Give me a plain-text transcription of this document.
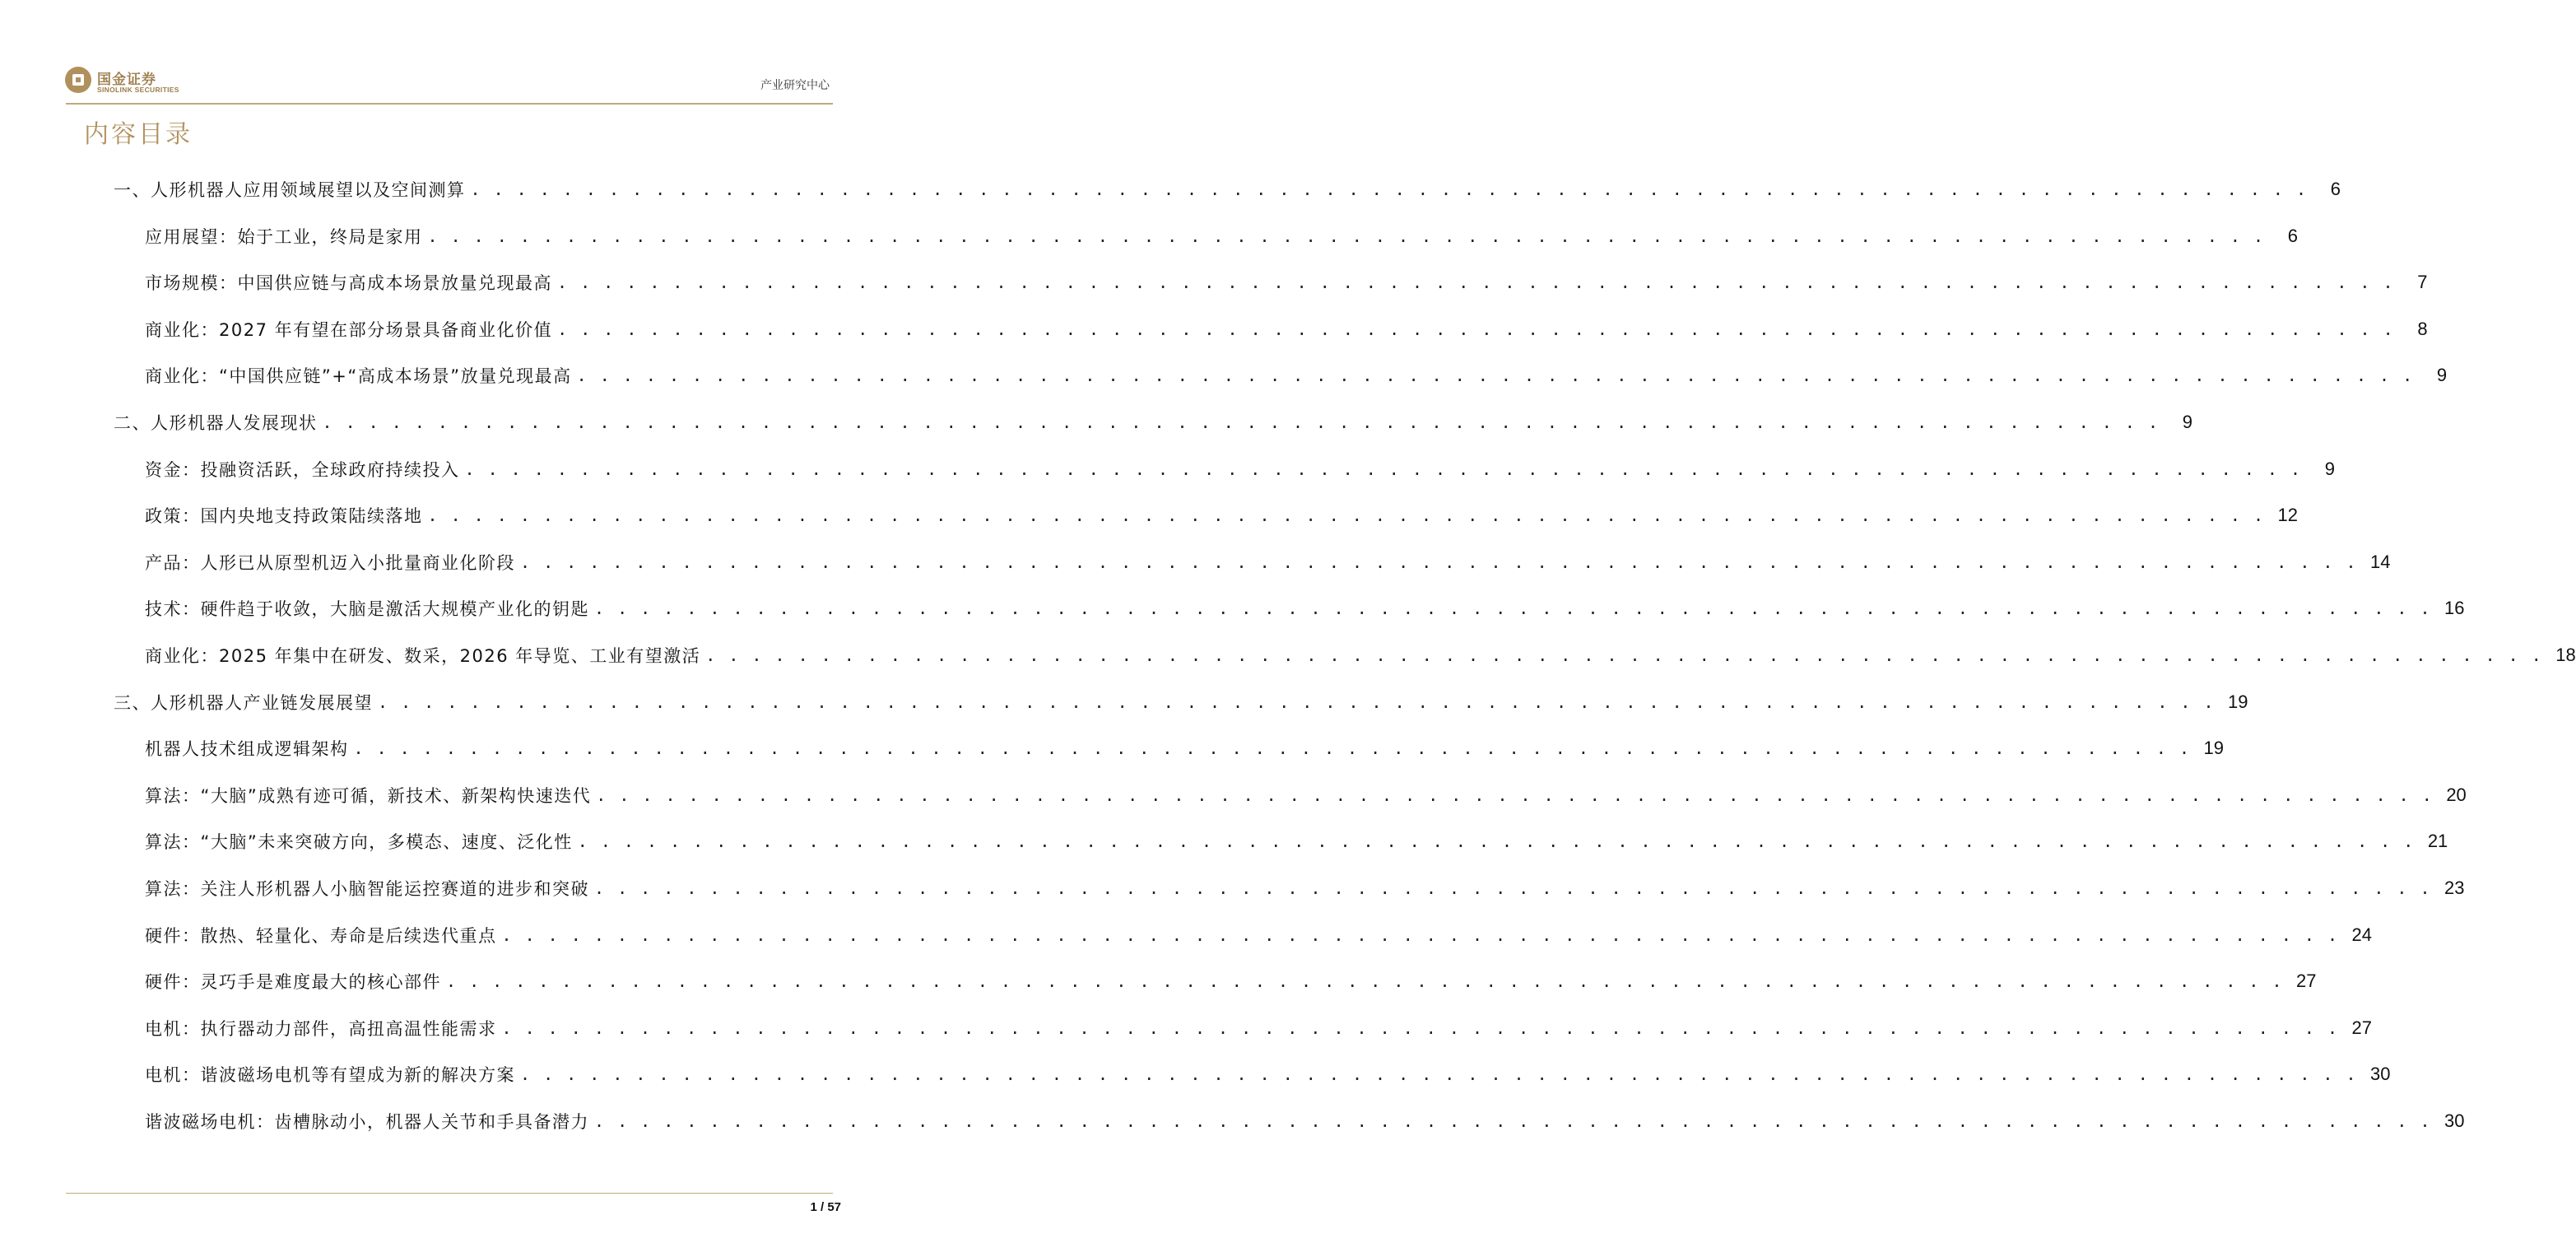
国金证券
SINOLINK SECURITIES	产业研究中心
内容目录
一、人形机器人应用领域展望以及空间测算 . . . . . . . . . . . . . . . . . . . . . . . . . . . . . . . . . . . . . . . . . . . . . . . . . . . . . . . . . . . . . . . . . . . . . . . . . . . . . . . .	6
应用展望：始于工业，终局是家用 . . . . . . . . . . . . . . . . . . . . . . . . . . . . . . . . . . . . . . . . . . . . . . . . . . . . . . . . . . . . . . . . . . . . . . . . . . . . . . . .	6
市场规模：中国供应链与高成本场景放量兑现最高 . . . . . . . . . . . . . . . . . . . . . . . . . . . . . . . . . . . . . . . . . . . . . . . . . . . . . . . . . . . . . . . . . . . . . . . . . . . . . . . .	7
商业化：2027 年有望在部分场景具备商业化价值 . . . . . . . . . . . . . . . . . . . . . . . . . . . . . . . . . . . . . . . . . . . . . . . . . . . . . . . . . . . . . . . . . . . . . . . . . . . . . . . .	8
商业化：“中国供应链”+“高成本场景”放量兑现最高 . . . . . . . . . . . . . . . . . . . . . . . . . . . . . . . . . . . . . . . . . . . . . . . . . . . . . . . . . . . . . . . . . . . . . . . . . . . . . . . .	9
二、人形机器人发展现状 . . . . . . . . . . . . . . . . . . . . . . . . . . . . . . . . . . . . . . . . . . . . . . . . . . . . . . . . . . . . . . . . . . . . . . . . . . . . . . . .	9
资金：投融资活跃，全球政府持续投入 . . . . . . . . . . . . . . . . . . . . . . . . . . . . . . . . . . . . . . . . . . . . . . . . . . . . . . . . . . . . . . . . . . . . . . . . . . . . . . . .	9
政策：国内央地支持政策陆续落地 . . . . . . . . . . . . . . . . . . . . . . . . . . . . . . . . . . . . . . . . . . . . . . . . . . . . . . . . . . . . . . . . . . . . . . . . . . . . . . . . 12
产品：人形已从原型机迈入小批量商业化阶段 . . . . . . . . . . . . . . . . . . . . . . . . . . . . . . . . . . . . . . . . . . . . . . . . . . . . . . . . . . . . . . . . . . . . . . . . . . . . . . . . 14
技术：硬件趋于收敛，大脑是激活大规模产业化的钥匙 . . . . . . . . . . . . . . . . . . . . . . . . . . . . . . . . . . . . . . . . . . . . . . . . . . . . . . . . . . . . . . . . . . . . . . . . . . . . . . . . 16
商业化：2025 年集中在研发、数采，2026 年导览、工业有望激活 . . . . . . . . . . . . . . . . . . . . . . . . . . . . . . . . . . . . . . . . . . . . . . . . . . . . . . . . . . . . . . . . . . . . . . . . . . . . . . . . 18
三、人形机器人产业链发展展望 . . . . . . . . . . . . . . . . . . . . . . . . . . . . . . . . . . . . . . . . . . . . . . . . . . . . . . . . . . . . . . . . . . . . . . . . . . . . . . . . 19
机器人技术组成逻辑架构 . . . . . . . . . . . . . . . . . . . . . . . . . . . . . . . . . . . . . . . . . . . . . . . . . . . . . . . . . . . . . . . . . . . . . . . . . . . . . . . . 19
算法：“大脑”成熟有迹可循，新技术、新架构快速迭代 . . . . . . . . . . . . . . . . . . . . . . . . . . . . . . . . . . . . . . . . . . . . . . . . . . . . . . . . . . . . . . . . . . . . . . . . . . . . . . . . 20
算法：“大脑”未来突破方向，多模态、速度、泛化性 . . . . . . . . . . . . . . . . . . . . . . . . . . . . . . . . . . . . . . . . . . . . . . . . . . . . . . . . . . . . . . . . . . . . . . . . . . . . . . . . 21
算法：关注人形机器人小脑智能运控赛道的进步和突破 . . . . . . . . . . . . . . . . . . . . . . . . . . . . . . . . . . . . . . . . . . . . . . . . . . . . . . . . . . . . . . . . . . . . . . . . . . . . . . . . 23
硬件：散热、轻量化、寿命是后续迭代重点 . . . . . . . . . . . . . . . . . . . . . . . . . . . . . . . . . . . . . . . . . . . . . . . . . . . . . . . . . . . . . . . . . . . . . . . . . . . . . . . . 24
硬件：灵巧手是难度最大的核心部件 . . . . . . . . . . . . . . . . . . . . . . . . . . . . . . . . . . . . . . . . . . . . . . . . . . . . . . . . . . . . . . . . . . . . . . . . . . . . . . . . 27
电机：执行器动力部件，高扭高温性能需求 . . . . . . . . . . . . . . . . . . . . . . . . . . . . . . . . . . . . . . . . . . . . . . . . . . . . . . . . . . . . . . . . . . . . . . . . . . . . . . . . 27
电机：谐波磁场电机等有望成为新的解决方案 . . . . . . . . . . . . . . . . . . . . . . . . . . . . . . . . . . . . . . . . . . . . . . . . . . . . . . . . . . . . . . . . . . . . . . . . . . . . . . . . 30
谐波磁场电机：齿槽脉动小，机器人关节和手具备潜力 . . . . . . . . . . . . . . . . . . . . . . . . . . . . . . . . . . . . . . . . . . . . . . . . . . . . . . . . . . . . . . . . . . . . . . . . . . . . . . . . 30
1 / 57
